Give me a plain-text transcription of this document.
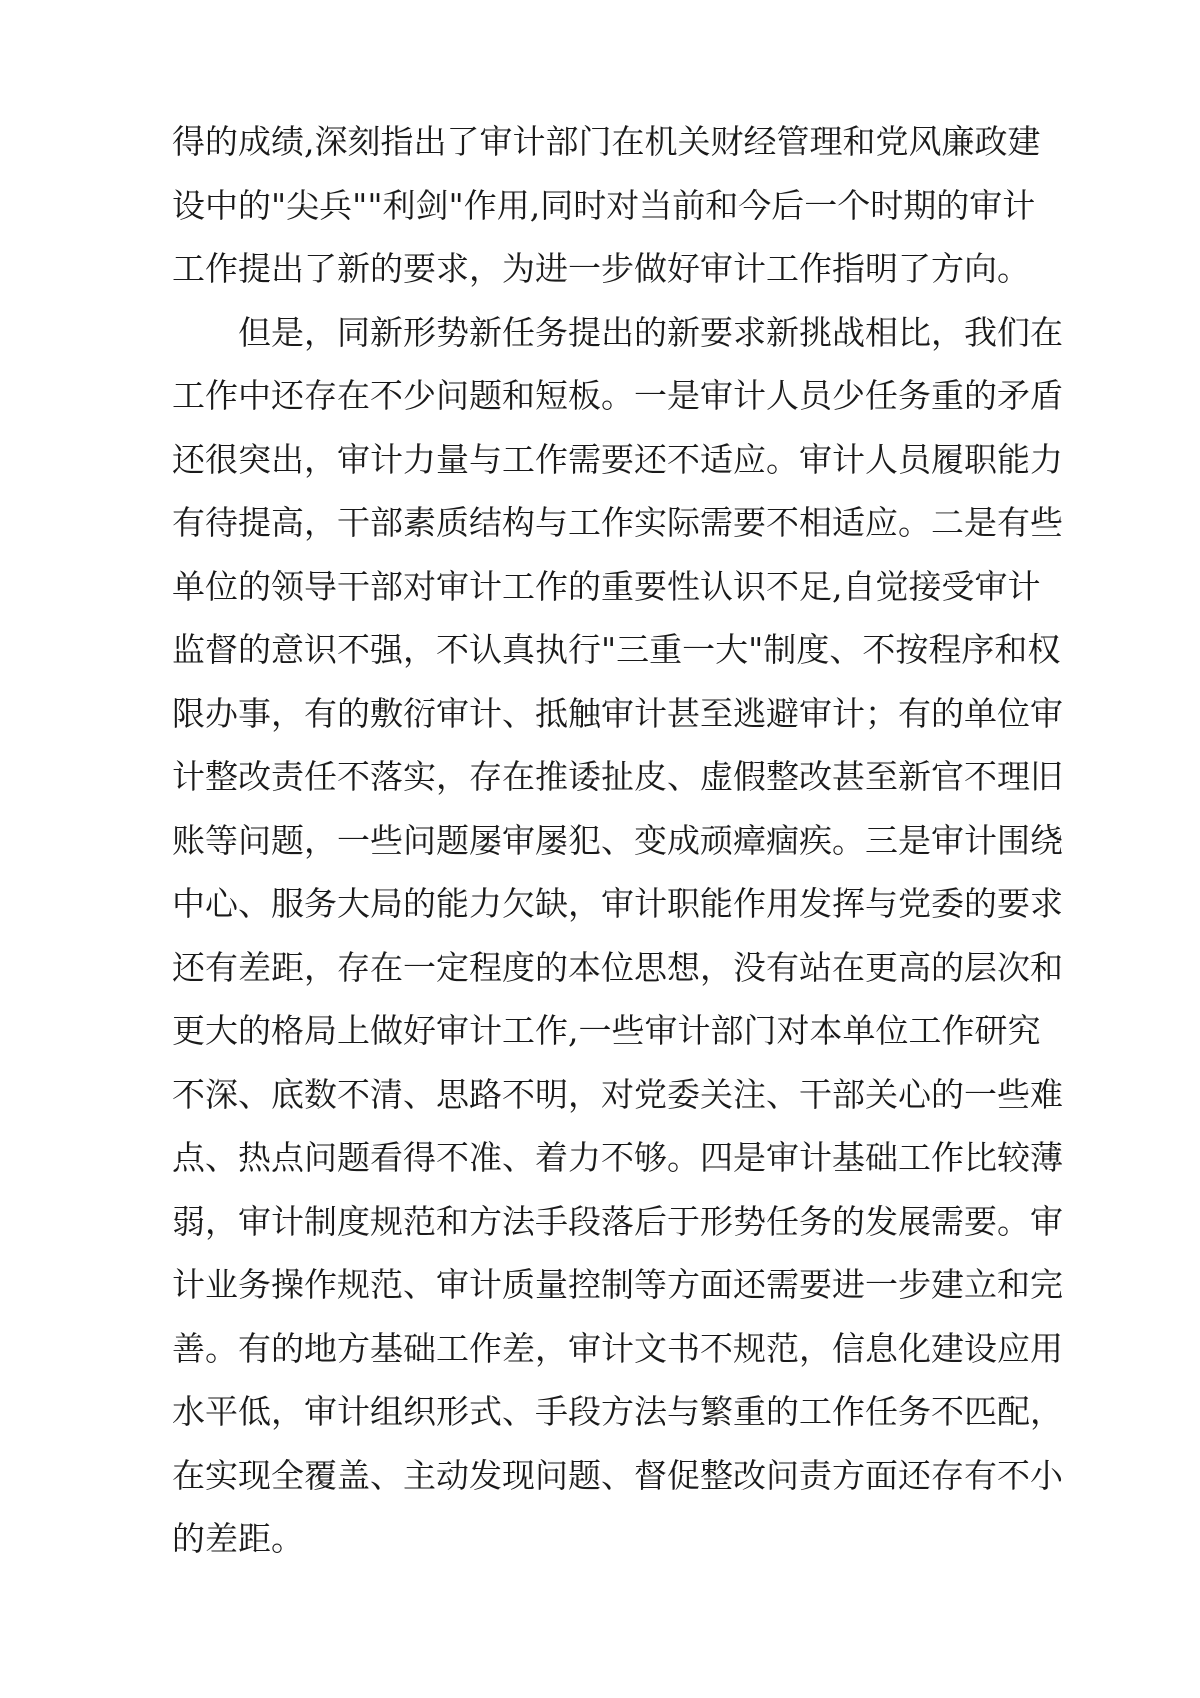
得的成绩,深刻指出了审计部门在机关财经管理和党风廉政建
设中的"尖兵""利剑"作用,同时对当前和今后一个时期的审计
工作提出了新的要求，为进一步做好审计工作指明了方向。
但是，同新形势新任务提出的新要求新挑战相比，我们在
工作中还存在不少问题和短板。一是审计人员少任务重的矛盾
还很突出，审计力量与工作需要还不适应。审计人员履职能力
有待提高，干部素质结构与工作实际需要不相适应。二是有些
单位的领导干部对审计工作的重要性认识不足,自觉接受审计
监督的意识不强，不认真执行"三重一大"制度、不按程序和权
限办事，有的敷衍审计、抵触审计甚至逃避审计；有的单位审
计整改责任不落实，存在推诿扯皮、虚假整改甚至新官不理旧
账等问题，一些问题屡审屡犯、变成顽瘴痼疾。三是审计围绕
中心、服务大局的能力欠缺，审计职能作用发挥与党委的要求
还有差距，存在一定程度的本位思想，没有站在更高的层次和
更大的格局上做好审计工作,一些审计部门对本单位工作研究
不深、底数不清、思路不明，对党委关注、干部关心的一些难
点、热点问题看得不准、着力不够。四是审计基础工作比较薄
弱，审计制度规范和方法手段落后于形势任务的发展需要。审
计业务操作规范、审计质量控制等方面还需要进一步建立和完
善。有的地方基础工作差，审计文书不规范，信息化建设应用
水平低，审计组织形式、手段方法与繁重的工作任务不匹配，
在实现全覆盖、主动发现问题、督促整改问责方面还存有不小
的差距。
